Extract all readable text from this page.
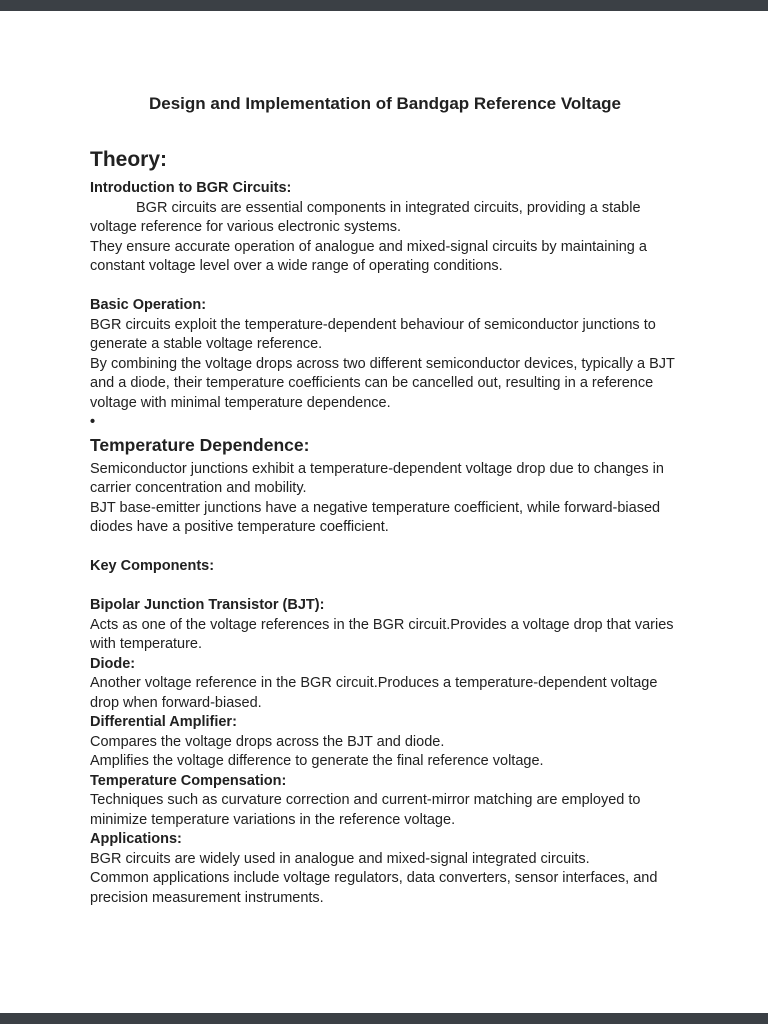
Design and Implementation of Bandgap Reference Voltage
Theory:
Introduction to BGR Circuits:
BGR circuits are essential components in integrated circuits, providing a stable voltage reference for various electronic systems.
They ensure accurate operation of analogue and mixed-signal circuits by maintaining a constant voltage level over a wide range of operating conditions.
Basic Operation:
BGR circuits exploit the temperature-dependent behaviour of semiconductor junctions to generate a stable voltage reference.
By combining the voltage drops across two different semiconductor devices, typically a BJT and a diode, their temperature coefficients can be cancelled out, resulting in a reference voltage with minimal temperature dependence.
•
Temperature Dependence:
Semiconductor junctions exhibit a temperature-dependent voltage drop due to changes in carrier concentration and mobility.
BJT base-emitter junctions have a negative temperature coefficient, while forward-biased diodes have a positive temperature coefficient.
Key Components:
Bipolar Junction Transistor (BJT):
Acts as one of the voltage references in the BGR circuit.Provides a voltage drop that varies with temperature.
Diode:
Another voltage reference in the BGR circuit.Produces a temperature-dependent voltage drop when forward-biased.
Differential Amplifier:
Compares the voltage drops across the BJT and diode.
Amplifies the voltage difference to generate the final reference voltage.
Temperature Compensation:
Techniques such as curvature correction and current-mirror matching are employed to minimize temperature variations in the reference voltage.
Applications:
BGR circuits are widely used in analogue and mixed-signal integrated circuits.
Common applications include voltage regulators, data converters, sensor interfaces, and precision measurement instruments.
